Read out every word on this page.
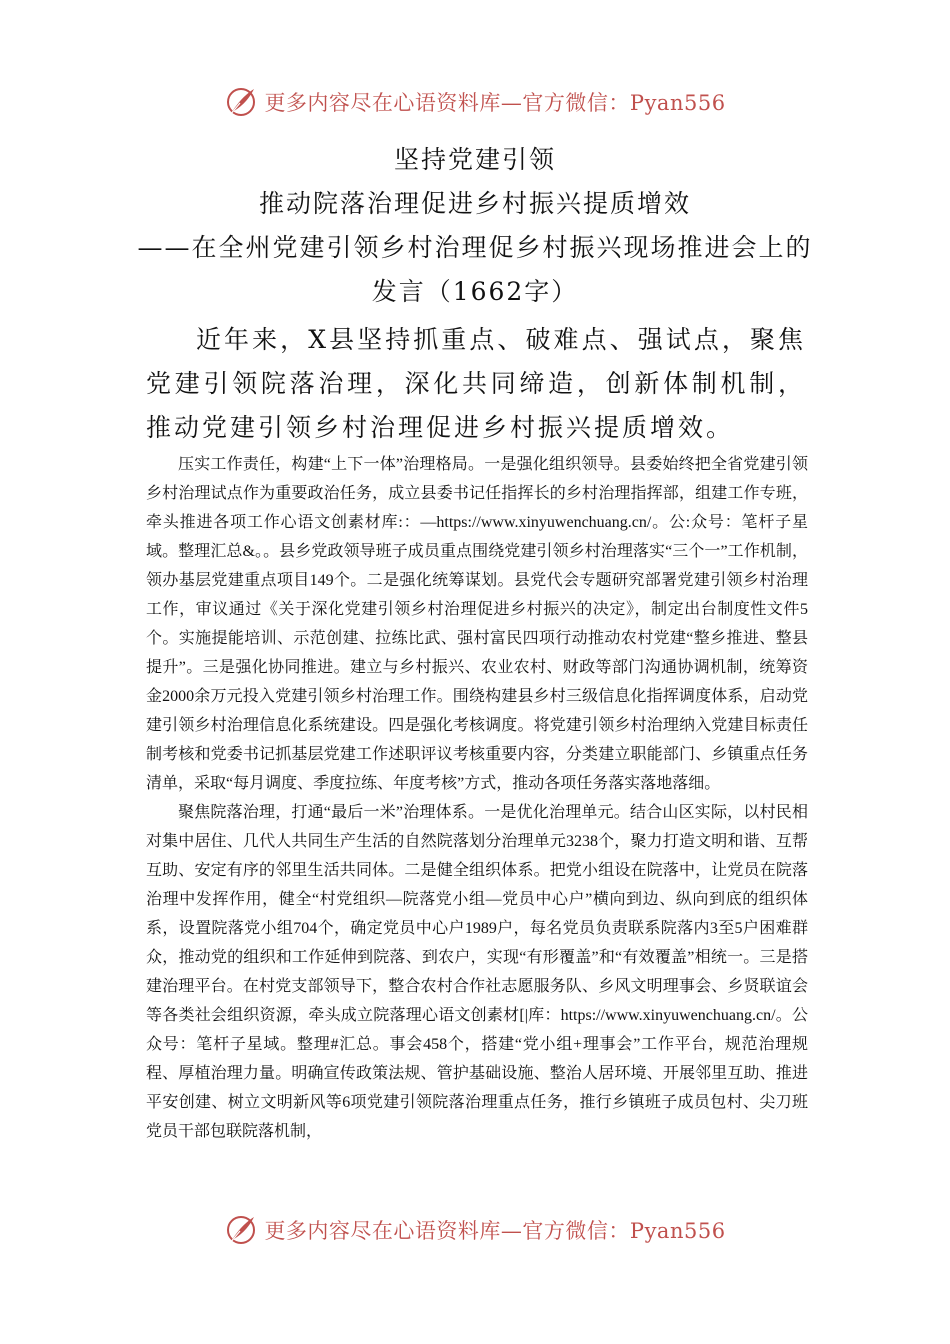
更多内容尽在心语资料库—官方微信：Pyan556
坚持党建引领
推动院落治理促进乡村振兴提质增效
——在全州党建引领乡村治理促乡村振兴现场推进会上的
发言（1662字）
近年来，X县坚持抓重点、破难点、强试点，聚焦党建引领院落治理，深化共同缔造，创新体制机制，推动党建引领乡村治理促进乡村振兴提质增效。

压实工作责任，构建“上下一体”治理格局。一是强化组织领导。县委始终把全省党建引领乡村治理试点作为重要政治任务，成立县委书记任指挥长的乡村治理指挥部，组建工作专班，牵头推进各项工作心语文创素材库:：—https://www.xinyuwenchuang.cn/。公:众号：笔杆子星域。整理汇总&。。县乡党政领导班子成员重点围绕党建引领乡村治理落实“三个一”工作机制，领办基层党建重点项目149个。二是强化统筹谋划。县党代会专题研究部署党建引领乡村治理工作，审议通过《关于深化党建引领乡村治理促进乡村振兴的决定》，制定出台制度性文件5个。实施提能培训、示范创建、拉练比武、强村富民四项行动推动农村党建“整乡推进、整县提升”。三是强化协同推进。建立与乡村振兴、农业农村、财政等部门沟通协调机制，统筹资金2000余万元投入党建引领乡村治理工作。围绕构建县乡村三级信息化指挥调度体系，启动党建引领乡村治理信息化系统建设。四是强化考核调度。将党建引领乡村治理纳入党建目标责任制考核和党委书记抓基层党建工作述职评议考核重要内容，分类建立职能部门、乡镇重点任务清单，采取“每月调度、季度拉练、年度考核”方式，推动各项任务落实落地落细。

聚焦院落治理，打通“最后一米”治理体系。一是优化治理单元。结合山区实际，以村民相对集中居住、几代人共同生产生活的自然院落划分治理单元3238个，聚力打造文明和谐、互帮互助、安定有序的邻里生活共同体。二是健全组织体系。把党小组设在院落中，让党员在院落治理中发挥作用，健全“村党组织—院落党小组—党员中心户”横向到边、纵向到底的组织体系，设置院落党小组704个，确定党员中心户1989户，每名党员负责联系院落内3至5户困难群众，推动党的组织和工作延伸到院落、到农户，实现“有形覆盖”和“有效覆盖”相统一。三是搭建治理平台。在村党支部领导下，整合农村合作社志愿服务队、乡风文明理事会、乡贤联谊会等各类社会组织资源，牵头成立院落理心语文创素材[|库：https://www.xinyuwenchuang.cn/。公众号：笔杆子星域。整理#汇总。事会458个，搭建“党小组+理事会”工作平台，规范治理规程、厚植治理力量。明确宣传政策法规、管护基础设施、整治人居环境、开展邻里互助、推进平安创建、树立文明新风等6项党建引领院落治理重点任务，推行乡镇班子成员包村、尖刀班党员干部包联院落机制，

更多内容尽在心语资料库—官方微信：Pyan556
